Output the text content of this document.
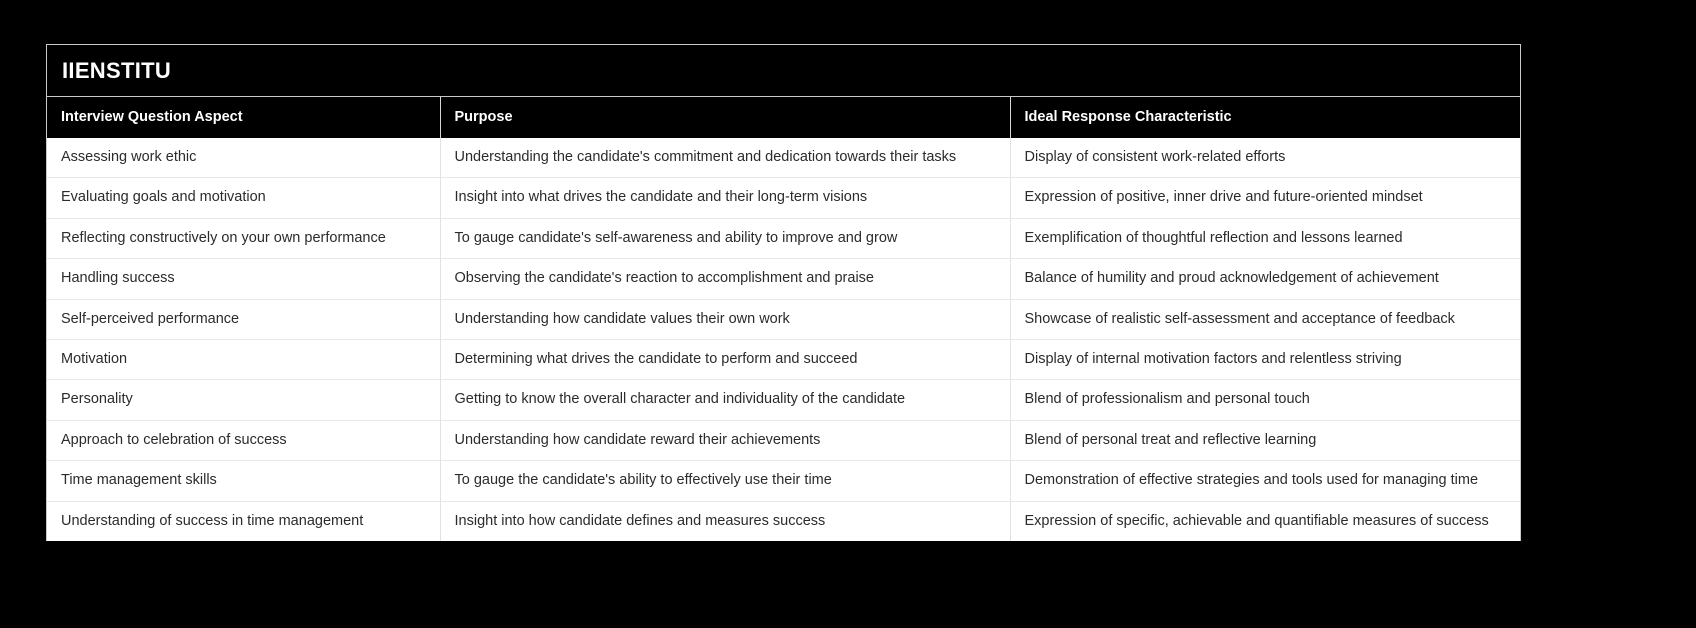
IIENSTITU
Interview Question Aspect	Purpose	Ideal Response Characteristic
Assessing work ethic	Understanding the candidate's commitment and dedication towards their tasks	Display of consistent work-related efforts
Evaluating goals and motivation	Insight into what drives the candidate and their long-term visions	Expression of positive, inner drive and future-oriented mindset
Reflecting constructively on your own performance	To gauge candidate's self-awareness and ability to improve and grow	Exemplification of thoughtful reflection and lessons learned
Handling success	Observing the candidate's reaction to accomplishment and praise	Balance of humility and proud acknowledgement of achievement
Self-perceived performance	Understanding how candidate values their own work	Showcase of realistic self-assessment and acceptance of feedback
Motivation	Determining what drives the candidate to perform and succeed	Display of internal motivation factors and relentless striving
Personality	Getting to know the overall character and individuality of the candidate	Blend of professionalism and personal touch
Approach to celebration of success	Understanding how candidate reward their achievements	Blend of personal treat and reflective learning
Time management skills	To gauge the candidate's ability to effectively use their time	Demonstration of effective strategies and tools used for managing time
Understanding of success in time management	Insight into how candidate defines and measures success	Expression of specific, achievable and quantifiable measures of success
